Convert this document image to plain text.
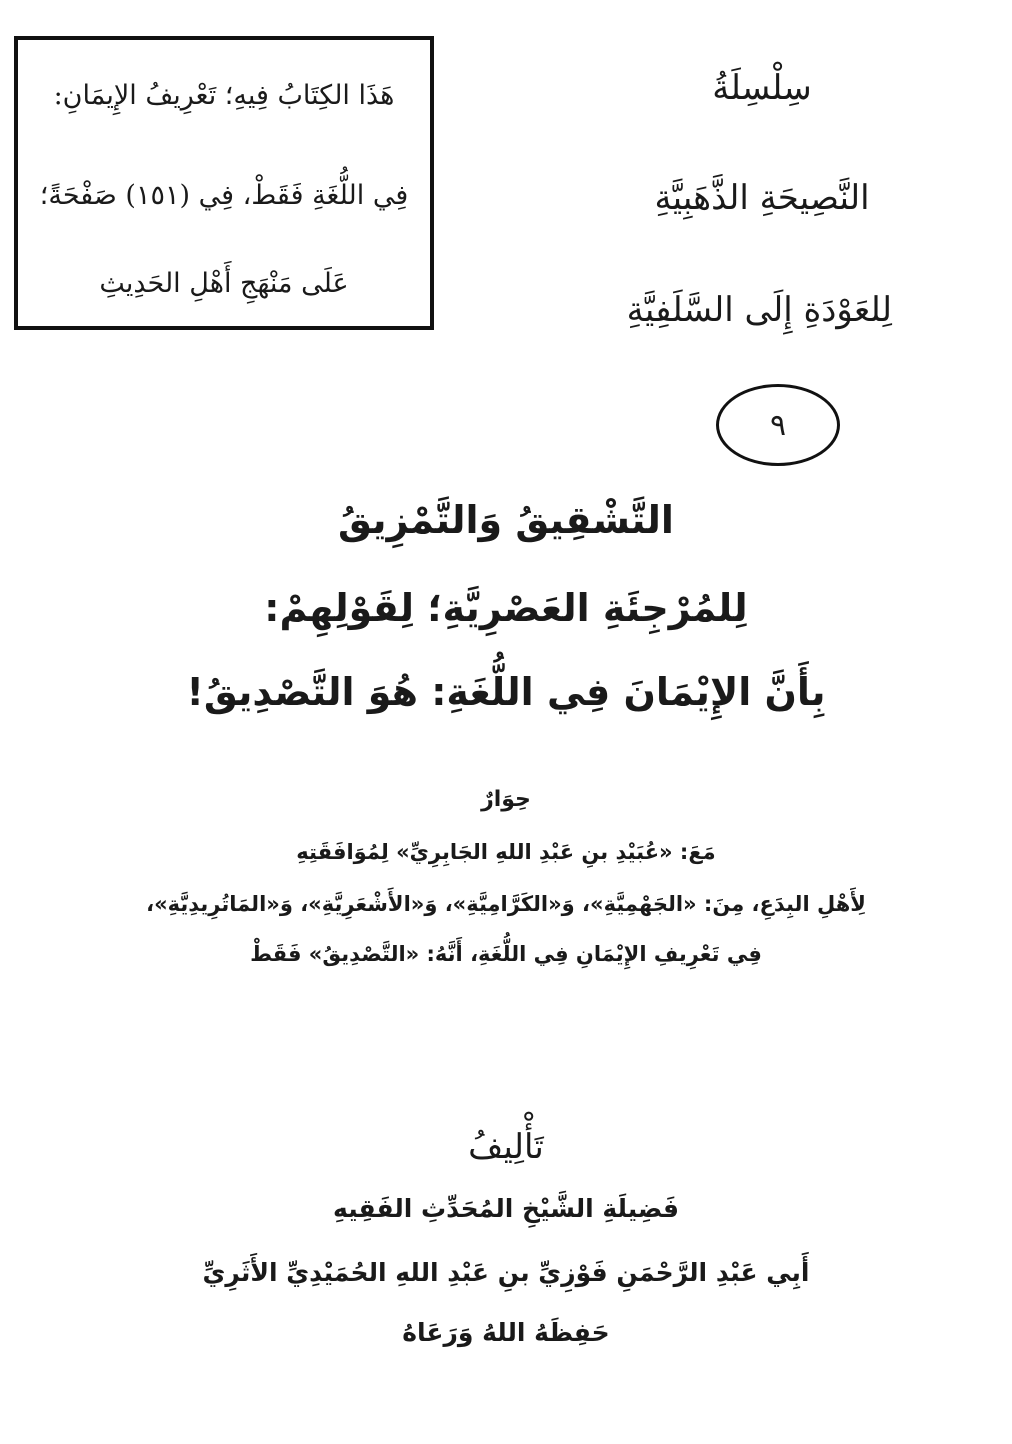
سِلْسِلَةُ
النَّصِيحَةِ الذَّهَبِيَّةِ
لِلعَوْدَةِ إِلَى السَّلَفِيَّةِ
هَذَا الكِتَابُ فِيهِ؛ تَعْرِيفُ الإِيمَانِ:
فِي اللُّغَةِ فَقَطْ، فِي (١٥١) صَفْحَةً؛
عَلَى مَنْهَجِ أَهْلِ الحَدِيثِ
٩
التَّشْقِيقُ وَالتَّمْزِيقُ
لِلمُرْجِئَةِ العَصْرِيَّةِ؛ لِقَوْلِهِمْ:
بِأَنَّ الإِيْمَانَ فِي اللُّغَةِ: هُوَ التَّصْدِيقُ!
حِوَارٌ
مَعَ: «عُبَيْدِ بنِ عَبْدِ اللهِ الجَابِرِيِّ» لِمُوَافَقَتِهِ
لِأَهْلِ البِدَعِ، مِنَ: «الجَهْمِيَّةِ»، وَ«الكَرَّامِيَّةِ»، وَ«الأَشْعَرِيَّةِ»، وَ«المَاتُرِيدِيَّةِ»،
فِي تَعْرِيفِ الإِيْمَانِ فِي اللُّغَةِ، أَنَّهُ: «التَّصْدِيقُ» فَقَطْ
تَأْلِيفُ
فَضِيلَةِ الشَّيْخِ المُحَدِّثِ الفَقِيهِ
أَبِي عَبْدِ الرَّحْمَنِ فَوْزِيِّ بنِ عَبْدِ اللهِ الحُمَيْدِيِّ الأَثَرِيِّ
حَفِظَهُ اللهُ وَرَعَاهُ
